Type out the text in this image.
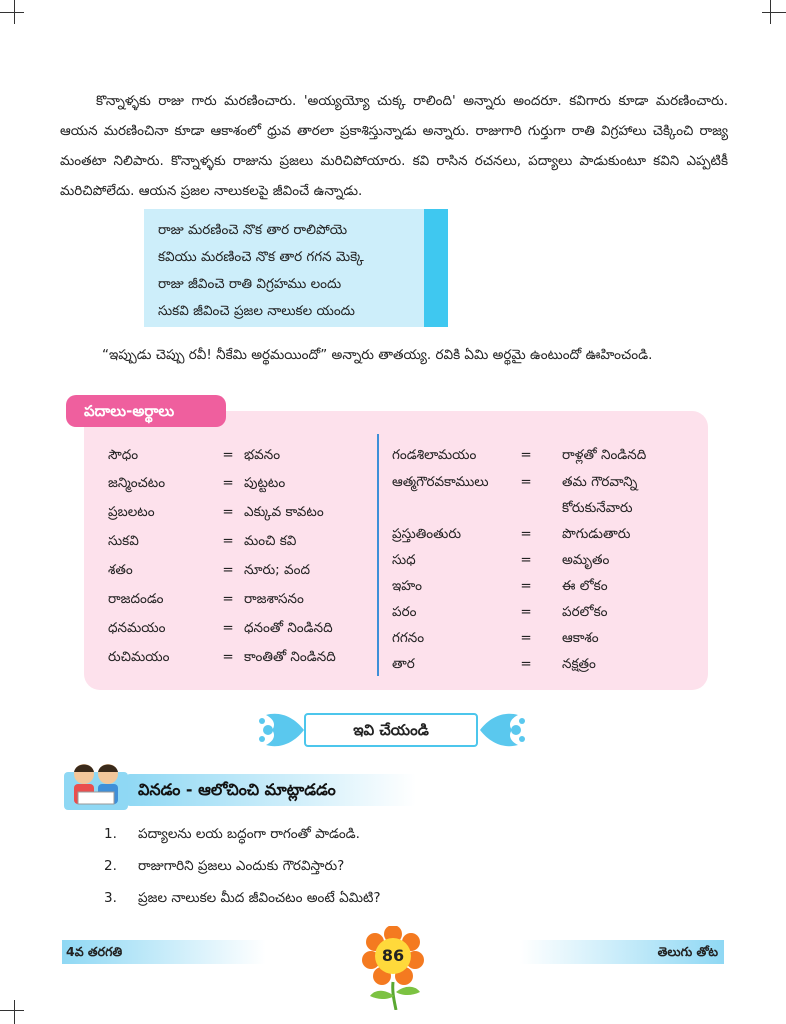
కొన్నాళ్ళకు రాజు గారు మరణించారు. 'అయ్యయ్యో చుక్క రాలింది' అన్నారు అందరూ. కవిగారు కూడా మరణించారు. ఆయన మరణించినా కూడా ఆకాశంలో ధ్రువ తారలా ప్రకాశిస్తున్నాడు అన్నారు. రాజుగారి గుర్తుగా రాతి విగ్రహాలు చెక్కించి రాజ్య మంతటా నిలిపారు. కొన్నాళ్ళకు రాజును ప్రజలు మరిచిపోయారు. కవి రాసిన రచనలు, పద్యాలు పాడుకుంటూ కవిని ఎప్పటికీ మరిచిపోలేదు. ఆయన ప్రజల నాలుకలపై జీవించే ఉన్నాడు.

రాజు మరణించె నొక తార రాలిపోయె
కవియు మరణించె నొక తార గగన మెక్కె
రాజు జీవించె రాతి విగ్రహము లందు
సుకవి జీవించె ప్రజల నాలుకల యందు

“ఇప్పుడు చెప్పు రవీ! నీకేమి అర్థమయిందో” అన్నారు తాతయ్య. రవికి ఏమి అర్థమై ఉంటుందో ఊహించండి.

పదాలు-అర్థాలు
సౌధం	= భవనం
జన్మించటం	= పుట్టటం
ప్రబలటం	= ఎక్కువ కావటం
సుకవి	= మంచి కవి
శతం	= నూరు; వంద
రాజదండం	= రాజశాసనం
ధనమయం	= ధనంతో నిండినది
రుచిమయం	= కాంతితో నిండినది
గండశిలామయం	= రాళ్లతో నిండినది
ఆత్మగౌరవకాములు = తమ గౌరవాన్ని
కోరుకునేవారు
ప్రస్తుతింతురు	= పొగుడుతారు
సుధ	= అమృతం
ఇహం	= ఈ లోకం
పరం	= పరలోకం
గగనం	= ఆకాశం
తార	= నక్షత్రం
ఇవి చేయండి
వినడం - ఆలోచించి మాట్లాడడం
1. పద్యాలను లయ బద్ధంగా రాగంతో పాడండి.
2. రాజుగారిని ప్రజలు ఎందుకు గౌరవిస్తారు?
3. ప్రజల నాలుకల మీద జీవించటం అంటే ఏమిటి?
4వ తరగతి	తెలుగు తోట
86
